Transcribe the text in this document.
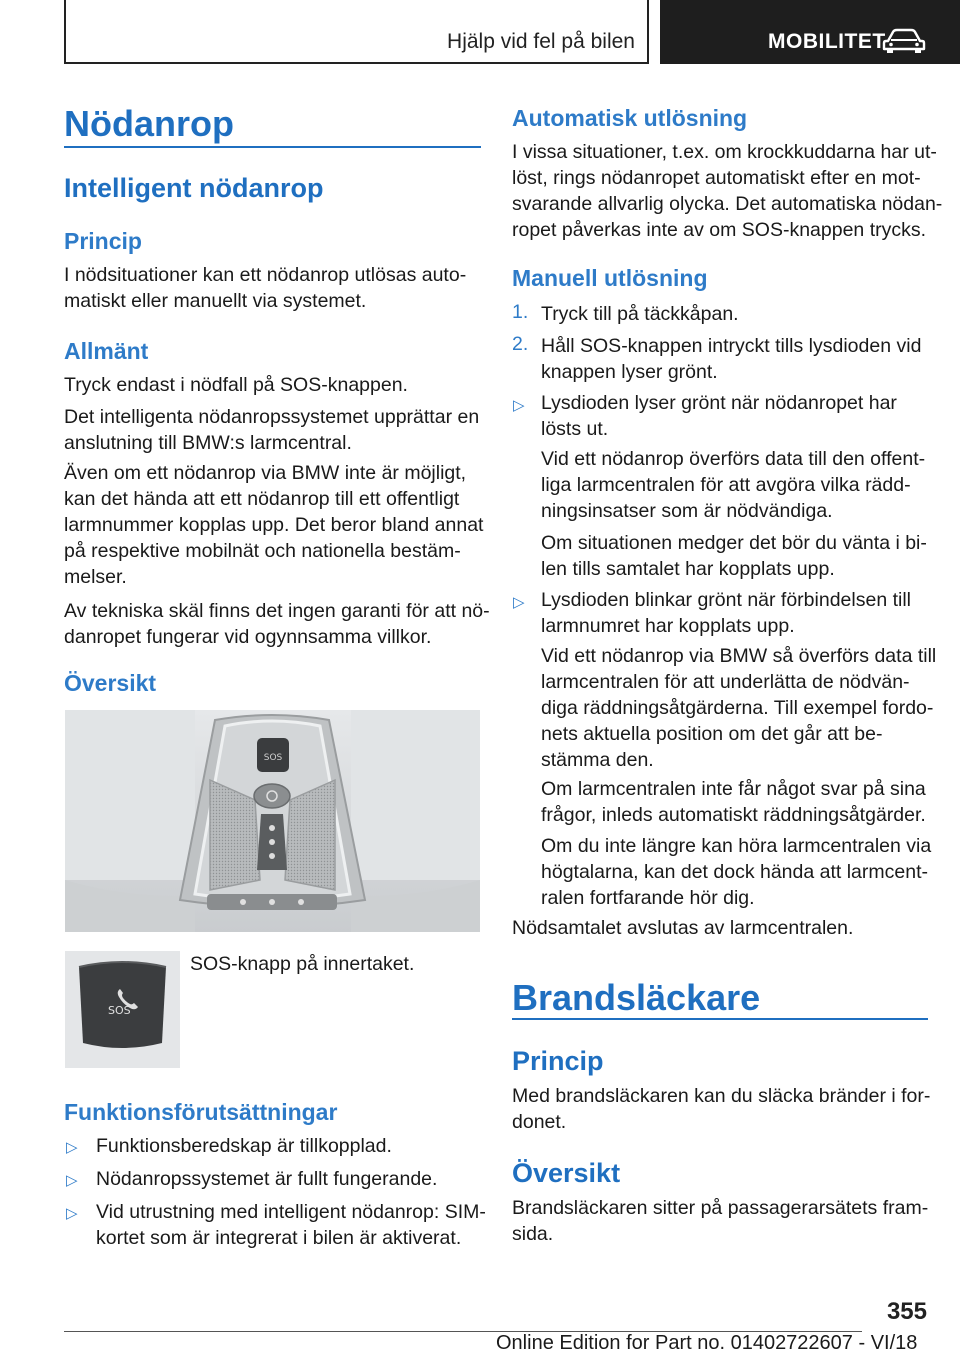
Hjälp vid fel på bilen	MOBILITET
Nödanrop
Intelligent nödanrop
Princip
I nödsituationer kan ett nödanrop utlösas auto-
matiskt eller manuellt via systemet.
Allmänt
Tryck endast i nödfall på SOS-knappen.
Det intelligenta nödanropssystemet upprättar en
anslutning till BMW:s larmcentral.
Även om ett nödanrop via BMW inte är möjligt,
kan det hända att ett nödanrop till ett offentligt
larmnummer kopplas upp. Det beror bland annat
på respektive mobilnät och nationella bestäm-
melser.
Av tekniska skäl finns det ingen garanti för att nö-
danropet fungerar vid ogynnsamma villkor.
Översikt
SOS
SOS
SOS-knapp på innertaket.
Funktionsförutsättningar
▷ Funktionsberedskap är tillkopplad.
▷ Nödanropssystemet är fullt fungerande.
▷ Vid utrustning med intelligent nödanrop: SIM-
kortet som är integrerat i bilen är aktiverat.
Automatisk utlösning
I vissa situationer, t.ex. om krockkuddarna har ut-
löst, rings nödanropet automatiskt efter en mot-
svarande allvarlig olycka. Det automatiska nödan-
ropet påverkas inte av om SOS-knappen trycks.
Manuell utlösning
1. Tryck till på täckkåpan.
2. Håll SOS-knappen intryckt tills lysdioden vid
knappen lyser grönt.
▷ Lysdioden lyser grönt när nödanropet har
lösts ut.
Vid ett nödanrop överförs data till den offent-
liga larmcentralen för att avgöra vilka rädd-
ningsinsatser som är nödvändiga.
Om situationen medger det bör du vänta i bi-
len tills samtalet har kopplats upp.
▷ Lysdioden blinkar grönt när förbindelsen till
larmnumret har kopplats upp.
Vid ett nödanrop via BMW så överförs data till
larmcentralen för att underlätta de nödvän-
diga räddningsåtgärderna. Till exempel fordo-
nets aktuella position om det går att be-
stämma den.
Om larmcentralen inte får något svar på sina
frågor, inleds automatiskt räddningsåtgärder.
Om du inte längre kan höra larmcentralen via
högtalarna, kan det dock hända att larmcent-
ralen fortfarande hör dig.
Nödsamtalet avslutas av larmcentralen.
Brandsläckare
Princip
Med brandsläckaren kan du släcka bränder i for-
donet.
Översikt
Brandsläckaren sitter på passagerarsätets fram-
sida.
355
Online Edition for Part no. 01402722607 - VI/18
